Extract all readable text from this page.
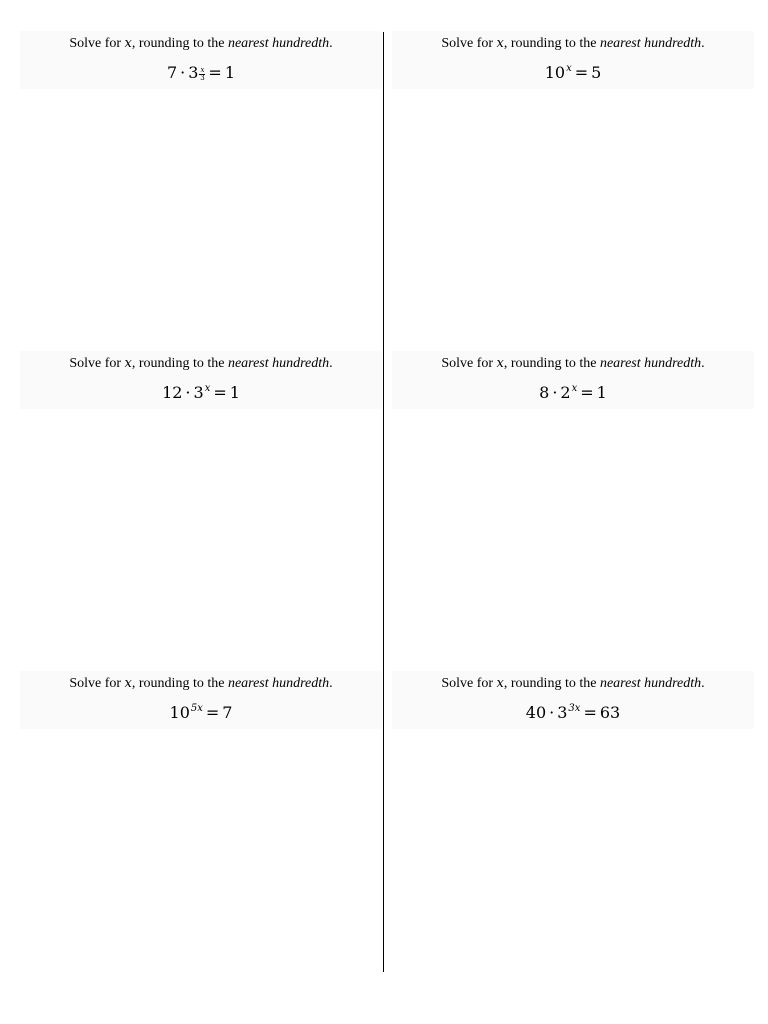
Solve for x, rounding to the nearest hundredth.
$7 \cdot 3 \frac{x}{3} = 1$
Solve for x, rounding to the nearest hundredth.
10x = 5
Solve for x, rounding to the nearest hundredth.
12 · 3x = 1
Solve for x, rounding to the nearest hundredth.
8 · 2x = 1
Solve for x, rounding to the nearest hundredth.
105x = 7
Solve for x, rounding to the nearest hundredth.
40 · 33x = 63
